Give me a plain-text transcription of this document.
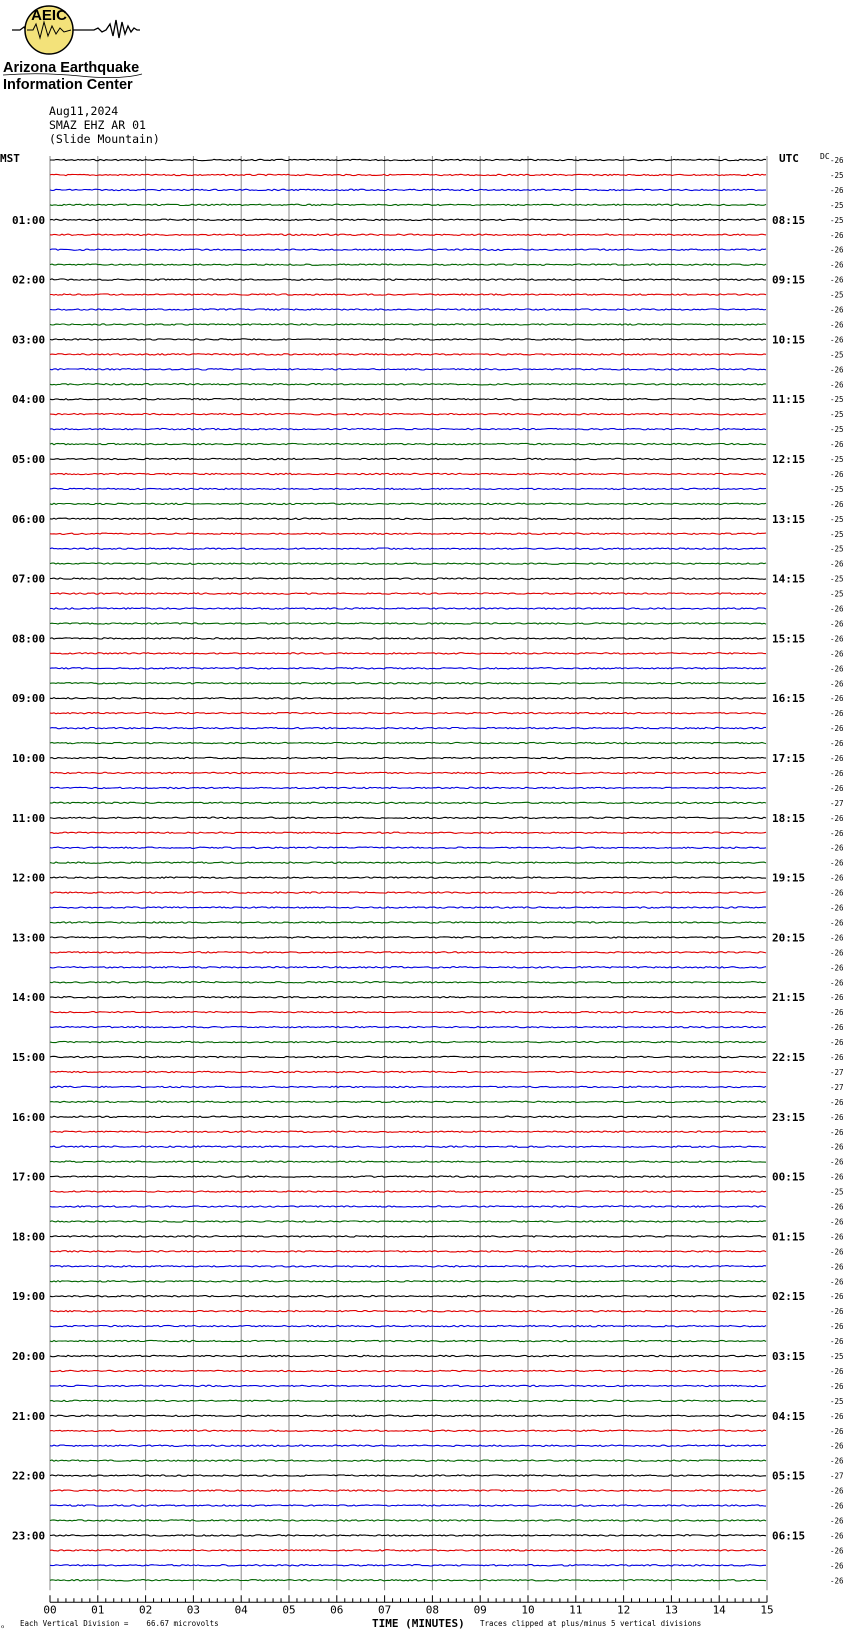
AEIC
Arizona Earthquake
Information Center
Aug11,2024
SMAZ EHZ AR 01
(Slide Mountain)
01:00
02:00
03:00
04:00
05:00
06:00
07:00
08:00
09:00
10:00
11:00
12:00
13:00
14:00
15:00
16:00
17:00
18:00
19:00
20:00
21:00
22:00
23:00
08:15
09:15
10:15
11:15
12:15
13:15
14:15
15:15
16:15
17:15
18:15
19:15
20:15
21:15
22:15
23:15
00:15
01:15
02:15
03:15
04:15
05:15
06:15
-26
-25
-26
-25
-25
-26
-26
-26
-26
-25
-26
-26
-26
-25
-26
-26
-25
-25
-25
-26
-25
-26
-25
-26
-25
-25
-25
-26
-25
-25
-26
-26
-26
-26
-26
-26
-26
-26
-26
-26
-26
-26
-26
-27
-26
-26
-26
-26
-26
-26
-26
-26
-26
-26
-26
-26
-26
-26
-26
-26
-26
-27
-27
-26
-26
-26
-26
-26
-26
-25
-26
-26
-26
-26
-26
-26
-26
-26
-26
-26
-25
-26
-26
-25
-26
-26
-26
-26
-27
-26
-26
-26
-26
-26
-26
-26
00	01	02	03	04	05	06	07	08	09	10	11	12	13	14	15
MST	UTC	DC
Each Vertical Division =    66.67 microvolts	TIME (MINUTES) Traces clipped at plus/minus 5 vertical divisions
ℴ
